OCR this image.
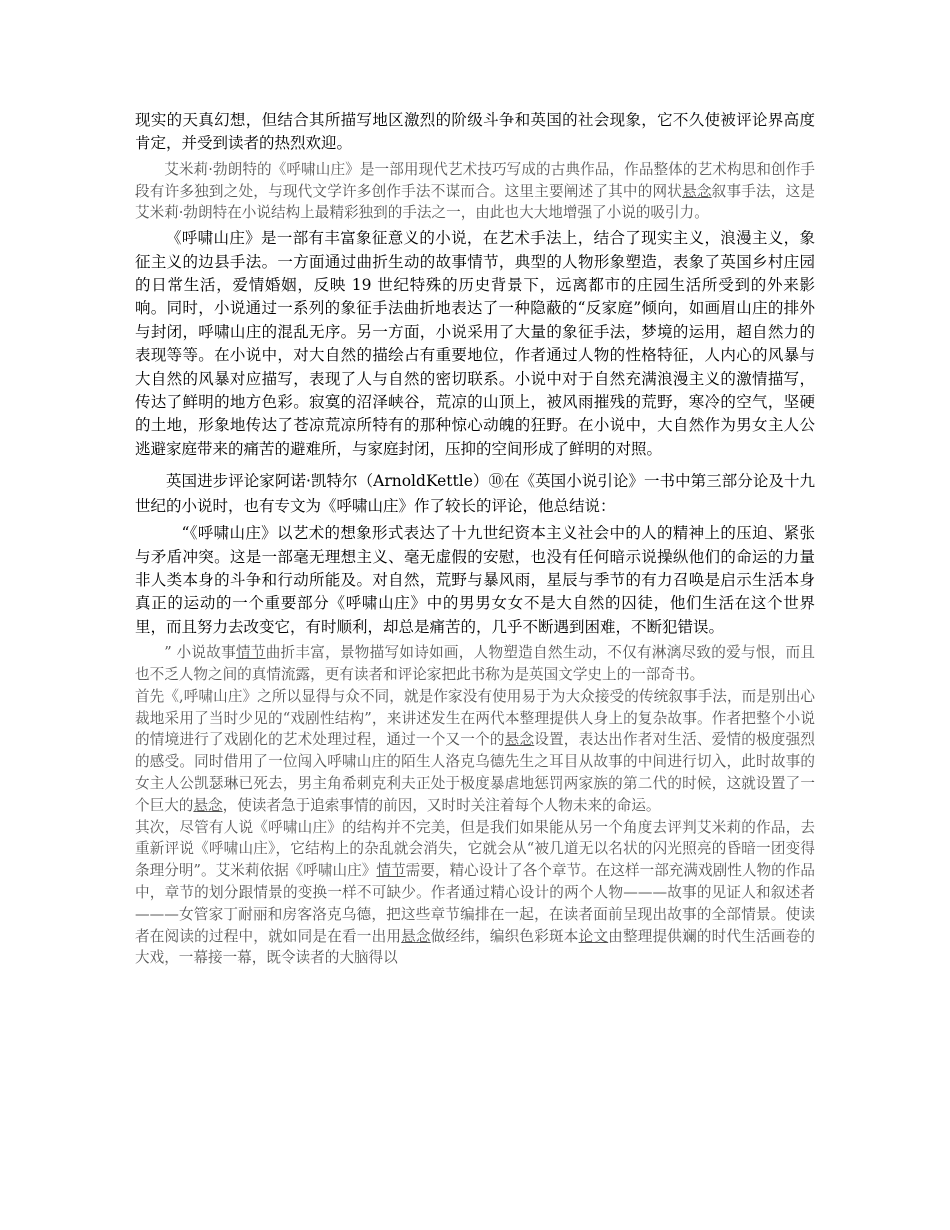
现实的天真幻想，但结合其所描写地区激烈的阶级斗争和英国的社会现象，它不久使被评论界高度肯定，并受到读者的热烈欢迎。

艾米莉·勃朗特的《呼啸山庄》是一部用现代艺术技巧写成的古典作品，作品整体的艺术构思和创作手段有许多独到之处，与现代文学许多创作手法不谋而合。这里主要阐述了其中的网状悬念叙事手法，这是艾米莉·勃朗特在小说结构上最精彩独到的手法之一，由此也大大地增强了小说的吸引力。

《呼啸山庄》是一部有丰富象征意义的小说，在艺术手法上，结合了现实主义，浪漫主义，象征主义的边县手法。一方面通过曲折生动的故事情节，典型的人物形象塑造，表象了英国乡村庄园的日常生活，爱情婚姻，反映 19 世纪特殊的历史背景下，远离都市的庄园生活所受到的外来影响。同时，小说通过一系列的象征手法曲折地表达了一种隐蔽的“反家庭”倾向，如画眉山庄的排外与封闭，呼啸山庄的混乱无序。另一方面，小说采用了大量的象征手法，梦境的运用，超自然力的表现等等。在小说中，对大自然的描绘占有重要地位，作者通过人物的性格特征，人内心的风暴与大自然的风暴对应描写，表现了人与自然的密切联系。小说中对于自然充满浪漫主义的激情描写，传达了鲜明的地方色彩。寂寞的沼泽峡谷，荒凉的山顶上，被风雨摧残的荒野，寒冷的空气，坚硬的土地，形象地传达了苍凉荒凉所特有的那种惊心动魄的狂野。在小说中，大自然作为男女主人公逃避家庭带来的痛苦的避难所，与家庭封闭，压抑的空间形成了鲜明的对照。

英国进步评论家阿诺·凯特尔（ArnoldKettle）⑩在《英国小说引论》一书中第三部分论及十九世纪的小说时，也有专文为《呼啸山庄》作了较长的评论，他总结说：

“《呼啸山庄》以艺术的想象形式表达了十九世纪资本主义社会中的人的精神上的压迫、紧张与矛盾冲突。这是一部毫无理想主义、毫无虚假的安慰，也没有任何暗示说操纵他们的命运的力量非人类本身的斗争和行动所能及。对自然，荒野与暴风雨，星辰与季节的有力召唤是启示生活本身真正的运动的一个重要部分《呼啸山庄》中的男男女女不是大自然的囚徒，他们生活在这个世界里，而且努力去改变它，有时顺利，却总是痛苦的，几乎不断遇到困难，不断犯错误。

” 小说故事情节曲折丰富，景物描写如诗如画，人物塑造自然生动，不仅有淋漓尽致的爱与恨，而且也不乏人物之间的真情流露，更有读者和评论家把此书称为是英国文学史上的一部奇书。

首先《,呼啸山庄》之所以显得与众不同，就是作家没有使用易于为大众接受的传统叙事手法，而是别出心裁地采用了当时少见的“戏剧性结构”，来讲述发生在两代本整理提供人身上的复杂故事。作者把整个小说的情境进行了戏剧化的艺术处理过程，通过一个又一个的悬念设置，表达出作者对生活、爱情的极度强烈的感受。同时借用了一位闯入呼啸山庄的陌生人洛克乌德先生之耳目从故事的中间进行切入，此时故事的女主人公凯瑟琳已死去，男主角希刺克利夫正处于极度暴虐地惩罚两家族的第二代的时候，这就设置了一个巨大的悬念，使读者急于追索事情的前因，又时时关注着每个人物未来的命运。

其次，尽管有人说《呼啸山庄》的结构并不完美，但是我们如果能从另一个角度去评判艾米莉的作品，去重新评说《呼啸山庄》，它结构上的杂乱就会消失，它就会从“被几道无以名状的闪光照亮的昏暗一团变得条理分明”。艾米莉依据《呼啸山庄》情节需要，精心设计了各个章节。在这样一部充满戏剧性人物的作品中，章节的划分跟情景的变换一样不可缺少。作者通过精心设计的两个人物———故事的见证人和叙述者———女管家丁耐丽和房客洛克乌德，把这些章节编排在一起，在读者面前呈现出故事的全部情景。使读者在阅读的过程中，就如同是在看一出用悬念做经纬，编织色彩斑本论文由整理提供斓的时代生活画卷的大戏，一幕接一幕，既令读者的大脑得以
